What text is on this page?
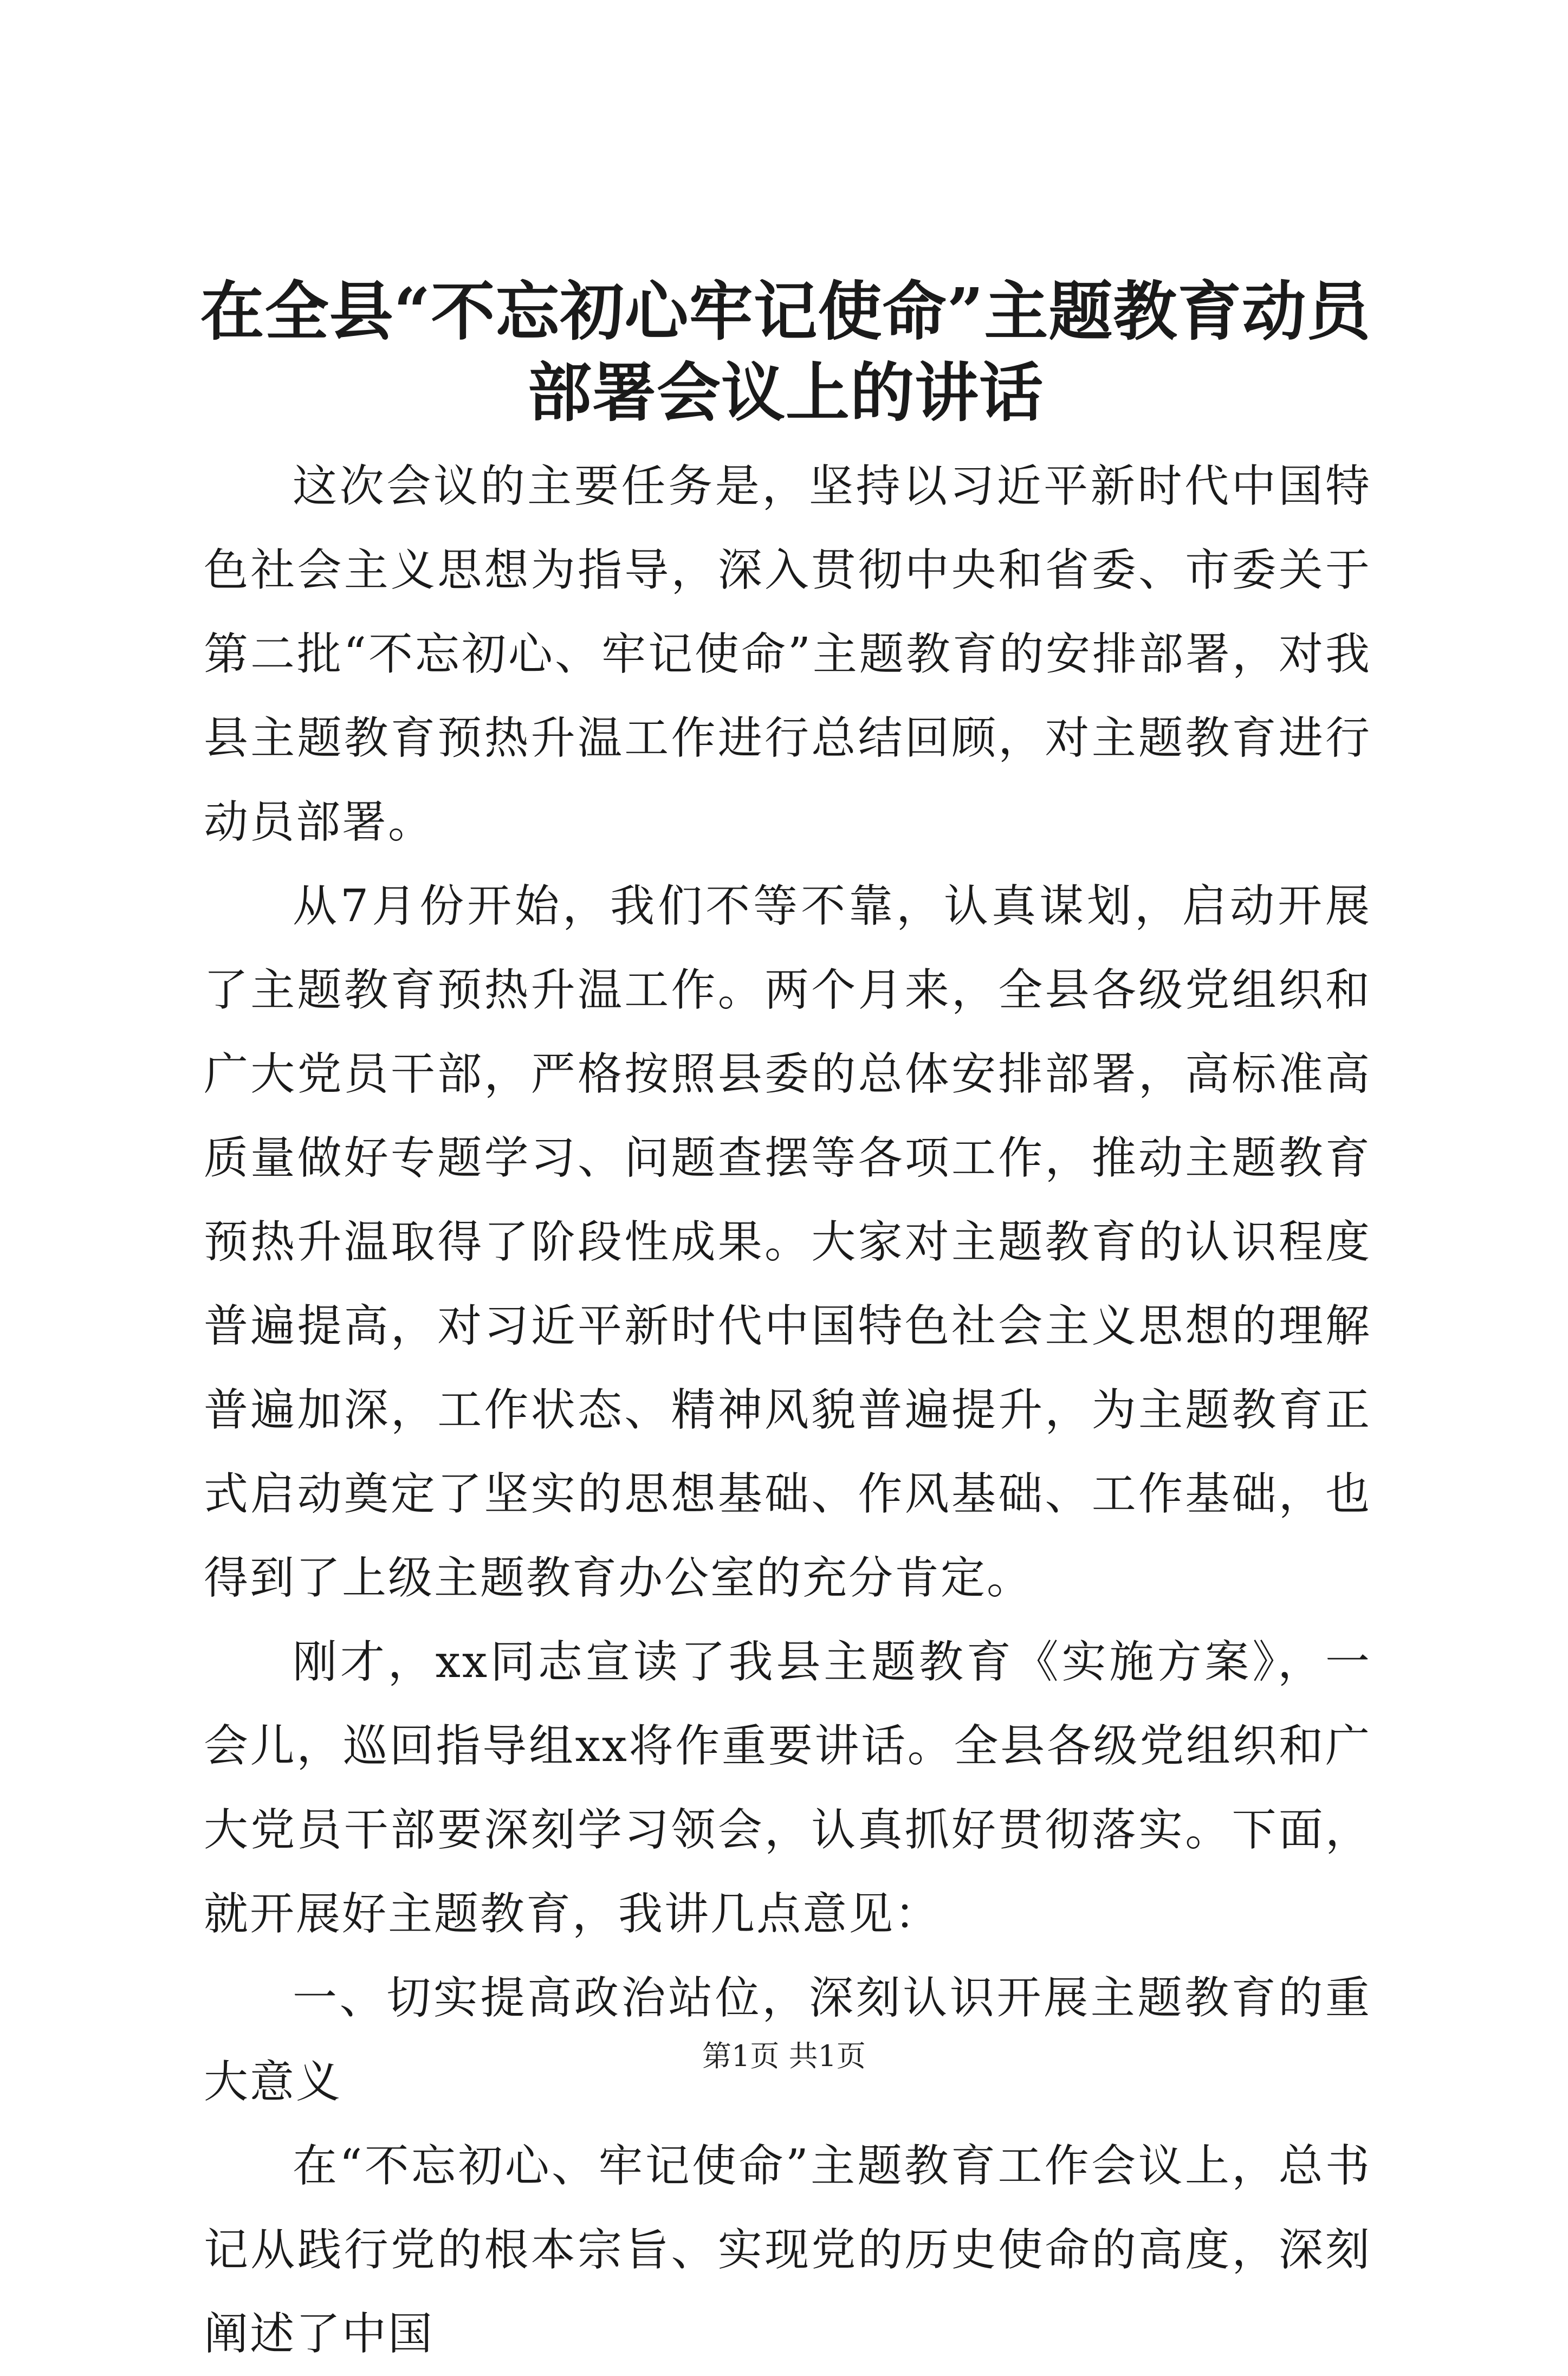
在全县“不忘初心牢记使命”主题教育动员部署会议上的讲话

这次会议的主要任务是，坚持以习近平新时代中国特色社会主义思想为指导，深入贯彻中央和省委、市委关于第二批“不忘初心、牢记使命”主题教育的安排部署，对我县主题教育预热升温工作进行总结回顾，对主题教育进行动员部署。

从7月份开始，我们不等不靠，认真谋划，启动开展了主题教育预热升温工作。两个月来，全县各级党组织和广大党员干部，严格按照县委的总体安排部署，高标准高质量做好专题学习、问题查摆等各项工作，推动主题教育预热升温取得了阶段性成果。大家对主题教育的认识程度普遍提高，对习近平新时代中国特色社会主义思想的理解普遍加深，工作状态、精神风貌普遍提升，为主题教育正式启动奠定了坚实的思想基础、作风基础、工作基础，也得到了上级主题教育办公室的充分肯定。

刚才，xx同志宣读了我县主题教育《实施方案》，一会儿，巡回指导组xx将作重要讲话。全县各级党组织和广大党员干部要深刻学习领会，认真抓好贯彻落实。下面，就开展好主题教育，我讲几点意见：

一、切实提高政治站位，深刻认识开展主题教育的重大意义

在“不忘初心、牢记使命”主题教育工作会议上，总书记从践行党的根本宗旨、实现党的历史使命的高度，深刻阐述了中国

第1页 共1页
